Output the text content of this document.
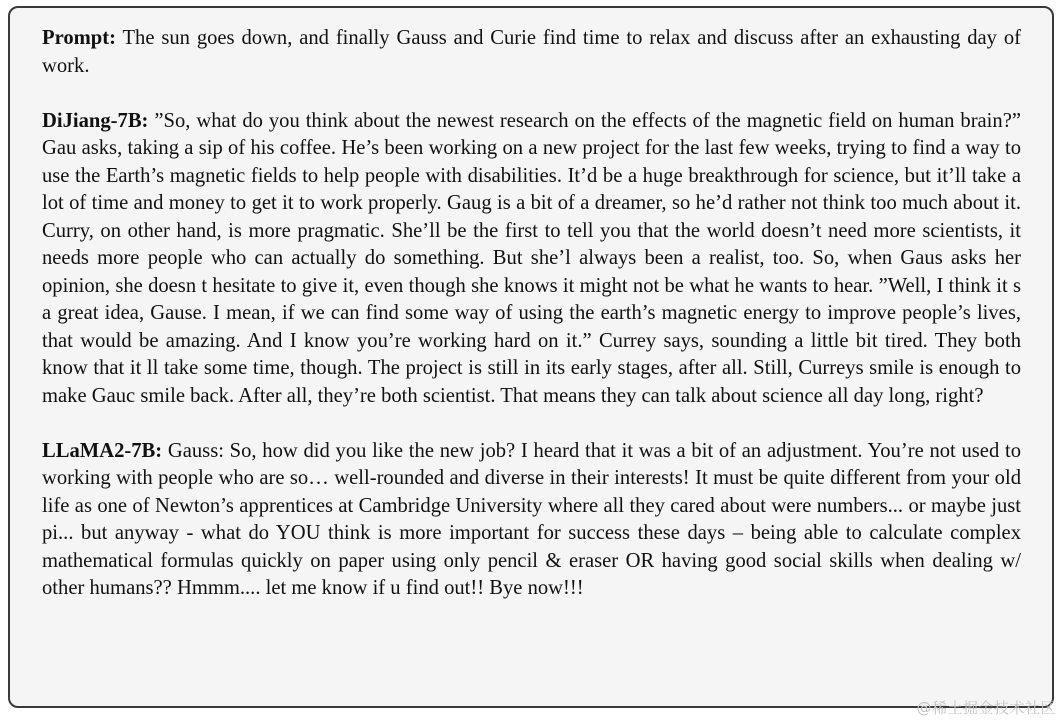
Prompt: The sun goes down, and finally Gauss and Curie find time to relax and discuss after an exhausting day of work.

DiJiang-7B: ”So, what do you think about the newest research on the effects of the magnetic field on human brain?” Gau asks, taking a sip of his coffee. He’s been working on a new project for the last few weeks, trying to find a way to use the Earth’s magnetic fields to help people with disabilities. It’d be a huge breakthrough for science, but it’ll take a lot of time and money to get it to work properly. Gaug is a bit of a dreamer, so he’d rather not think too much about it. Curry, on other hand, is more pragmatic. She’ll be the first to tell you that the world doesn’t need more scientists, it needs more people who can actually do something. But she’l always been a realist, too. So, when Gaus asks her opinion, she doesn t hesitate to give it, even though she knows it might not be what he wants to hear. ”Well, I think it s a great idea, Gause. I mean, if we can find some way of using the earth’s magnetic energy to improve people’s lives, that would be amazing. And I know you’re working hard on it.” Currey says, sounding a little bit tired. They both know that it ll take some time, though. The project is still in its early stages, after all. Still, Curreys smile is enough to make Gauc smile back. After all, they’re both scientist. That means they can talk about science all day long, right?

LLaMA2-7B: Gauss: So, how did you like the new job? I heard that it was a bit of an adjustment. You’re not used to working with people who are so… well-rounded and diverse in their interests! It must be quite different from your old life as one of Newton’s apprentices at Cambridge University where all they cared about were numbers... or maybe just pi... but anyway - what do YOU think is more important for success these days – being able to calculate complex mathematical formulas quickly on paper using only pencil & eraser OR having good social skills when dealing w/ other humans?? Hmmm.... let me know if u find out!! Bye now!!!

@稀土掘金技术社区
